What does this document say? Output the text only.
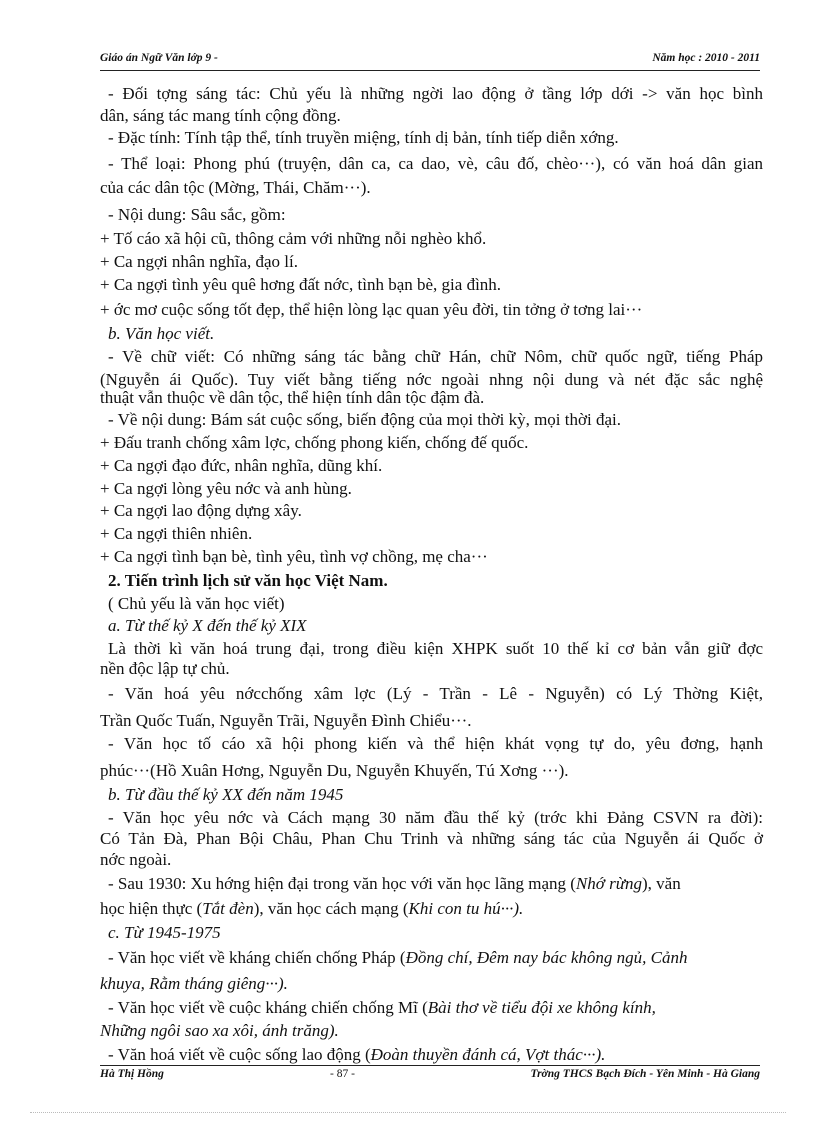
Giáo án Ngữ Văn lớp 9 -	Năm học : 2010 - 2011
- Đối tợng sáng tác: Chủ yếu là những ngời lao động ở tầng lớp dới -> văn học bình
dân, sáng tác mang tính cộng đồng.
- Đặc tính: Tính tập thể, tính truyền miệng, tính dị bản, tính tiếp diễn xớng.
- Thể loại: Phong phú (truyện, dân ca, ca dao, vè, câu đố, chèo···), có văn hoá dân gian
của các dân tộc (Mờng, Thái, Chăm···).
- Nội dung: Sâu sắc, gồm:
+ Tố cáo xã hội cũ, thông cảm với những nỗi nghèo khổ.
+ Ca ngợi nhân nghĩa, đạo lí.
+ Ca ngợi tình yêu quê hơng đất nớc, tình bạn bè, gia đình.
+ ớc mơ cuộc sống tốt đẹp, thể hiện lòng lạc quan yêu đời, tin tởng ở tơng lai···
b. Văn học viết.
- Về chữ viết: Có những sáng tác bằng chữ Hán, chữ Nôm, chữ quốc ngữ, tiếng Pháp
(Nguyễn ái Quốc). Tuy viết bằng tiếng nớc ngoài nhng nội dung và nét đặc sắc nghệ
thuật vẫn thuộc về dân tộc, thể hiện tính dân tộc đậm đà.
- Về nội dung: Bám sát cuộc sống, biến động của mọi thời kỳ, mọi thời đại.
+ Đấu tranh chống xâm lợc, chống phong kiến, chống đế quốc.
+ Ca ngợi đạo đức, nhân nghĩa, dũng khí.
+ Ca ngợi lòng yêu nớc và anh hùng.
+ Ca ngợi lao động dựng xây.
+ Ca ngợi thiên nhiên.
+ Ca ngợi tình bạn bè, tình yêu, tình vợ chồng, mẹ cha···
2. Tiến trình lịch sử văn học Việt Nam.
( Chủ yếu là văn học viết)
a. Từ thế kỷ X đến thế kỷ XIX
Là thời kì văn hoá trung đại, trong điều kiện XHPK suốt 10 thế kỉ cơ bản vẫn giữ đợc
nền độc lập tự chủ.
- Văn hoá yêu nớcchống xâm lợc (Lý - Trần - Lê - Nguyễn) có Lý Thờng Kiệt,
Trần Quốc Tuấn, Nguyễn Trãi, Nguyễn Đình Chiểu···.
- Văn học tố cáo xã hội phong kiến và thể hiện khát vọng tự do, yêu đơng, hạnh
phúc···(Hồ Xuân Hơng, Nguyễn Du, Nguyễn Khuyến, Tú Xơng ···).
b. Từ đầu thế kỷ XX đến năm 1945
- Văn học yêu nớc và Cách mạng 30 năm đầu thế kỷ (trớc khi Đảng CSVN ra đời):
Có Tản Đà, Phan Bội Châu, Phan Chu Trinh và những sáng tác của Nguyễn ái Quốc ở
nớc ngoài.
- Sau 1930: Xu hớng hiện đại trong văn học với văn học lãng mạng (Nhớ rừng), văn
học hiện thực (Tắt đèn), văn học cách mạng (Khi con tu hú···).
c. Từ 1945-1975
- Văn học viết về kháng chiến chống Pháp (Đồng chí, Đêm nay bác không ngủ, Cảnh
khuya, Rằm tháng giêng···).
- Văn học viết về cuộc kháng chiến chống Mĩ (Bài thơ về tiểu đội xe không kính,
Những ngôi sao xa xôi, ánh trăng).
- Văn hoá viết về cuộc sống lao động (Đoàn thuyền đánh cá, Vợt thác···).
Hà Thị Hồng	- 87 -	Trờng THCS Bạch Đích - Yên Minh - Hà Giang
